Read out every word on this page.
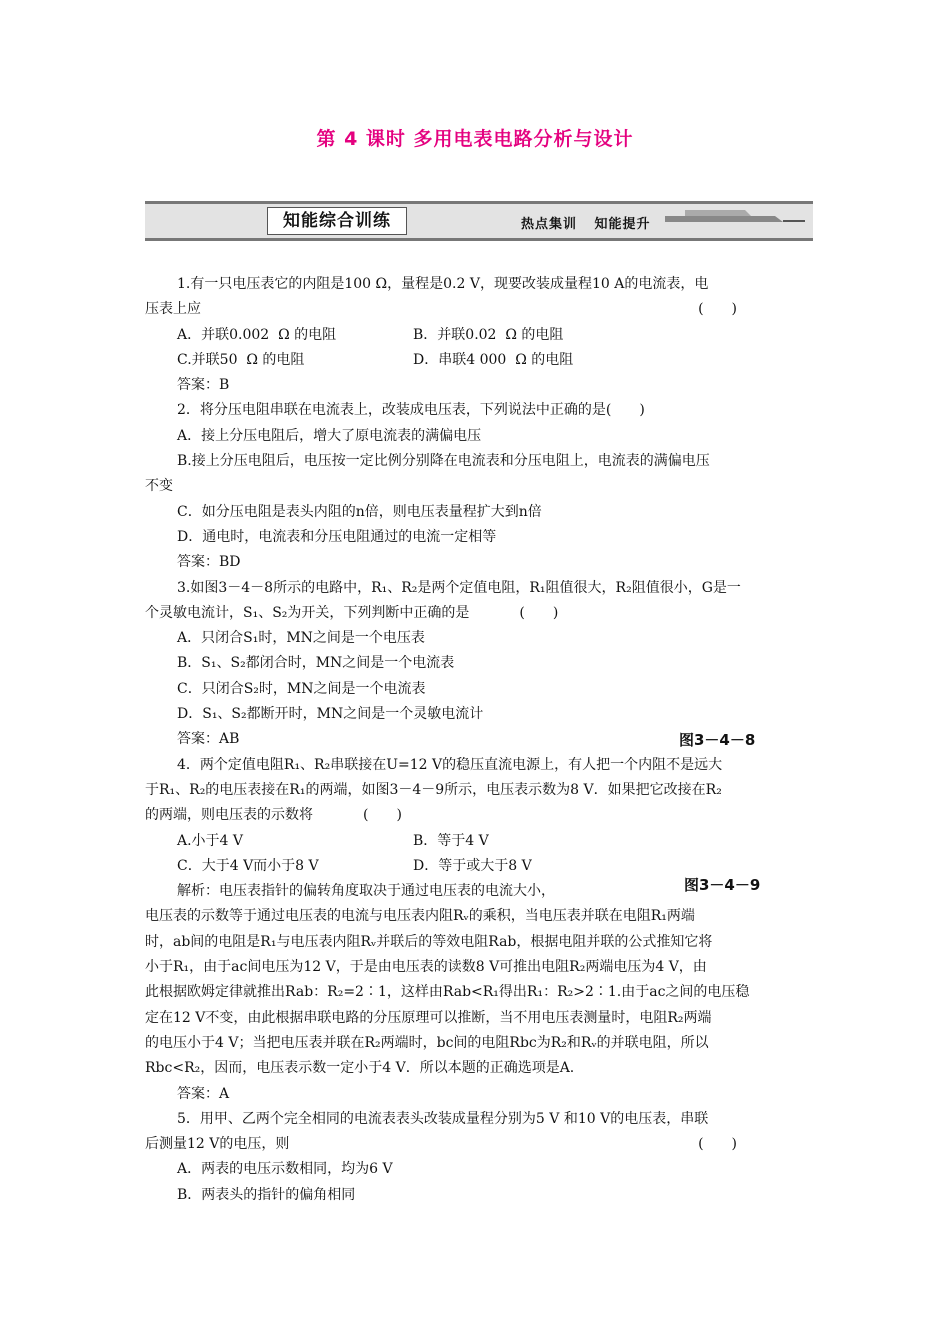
第 4 课时 多用电表电路分析与设计
知能综合训练	热点集训 知能提升

1.有一只电压表它的内阻是100 Ω，量程是0.2 V，现要改装成量程10 A的电流表，电

压表上应	(　　)

A．并联0.002  Ω 的电阻	B．并联0.02  Ω 的电阻
C.并联50  Ω 的电阻	D．串联4 000  Ω 的电阻

答案：B

2．将分压电阻串联在电流表上，改装成电压表，下列说法中正确的是(　　)

A．接上分压电阻后，增大了原电流表的满偏电压

B.接上分压电阻后，电压按一定比例分别降在电流表和分压电阻上，电流表的满偏电压

不变

C．如分压电阻是表头内阻的n倍，则电压表量程扩大到n倍

D．通电时，电流表和分压电阻通过的电流一定相等

答案：BD

3.如图3－4－8所示的电路中，R₁、R₂是两个定值电阻，R₁阻值很大，R₂阻值很小，G是一

个灵敏电流计，S₁、S₂为开关，下列判断中正确的是	(　　)

A．只闭合S₁时，MN之间是一个电压表

B．S₁、S₂都闭合时，MN之间是一个电流表

C．只闭合S₂时，MN之间是一个电流表

D．S₁、S₂都断开时，MN之间是一个灵敏电流计

答案：AB

4．两个定值电阻R₁、R₂串联接在U=12 V的稳压直流电源上，有人把一个内阻不是远大

于R₁、R₂的电压表接在R₁的两端，如图3－4－9所示，电压表示数为8 V．如果把它改接在R₂

的两端，则电压表的示数将	(　　)

A.小于4 V	B．等于4 V
C．大于4 V而小于8 V	D．等于或大于8 V

解析：电压表指针的偏转角度取决于通过电压表的电流大小，

电压表的示数等于通过电压表的电流与电压表内阻Rᵥ的乘积，当电压表并联在电阻R₁两端

时，ab间的电阻是R₁与电压表内阻Rᵥ并联后的等效电阻Rab，根据电阻并联的公式推知它将

小于R₁，由于ac间电压为12 V，于是由电压表的读数8 V可推出电阻R₂两端电压为4 V，由

此根据欧姆定律就推出Rab：R₂=2∶1，这样由Rab<R₁得出R₁：R₂>2∶1.由于ac之间的电压稳

定在12 V不变，由此根据串联电路的分压原理可以推断，当不用电压表测量时，电阻R₂两端

的电压小于4 V；当把电压表并联在R₂两端时，bc间的电阻Rbc为R₂和Rᵥ的并联电阻，所以

Rbc<R₂，因而，电压表示数一定小于4 V．所以本题的正确选项是A.

答案：A

5．用甲、乙两个完全相同的电流表表头改装成量程分别为5 V 和10 V的电压表，串联

后测量12 V的电压，则	(　　)

A．两表的电压示数相同，均为6 V

B．两表头的指针的偏角相同

图3－4－8
图3－4－9
